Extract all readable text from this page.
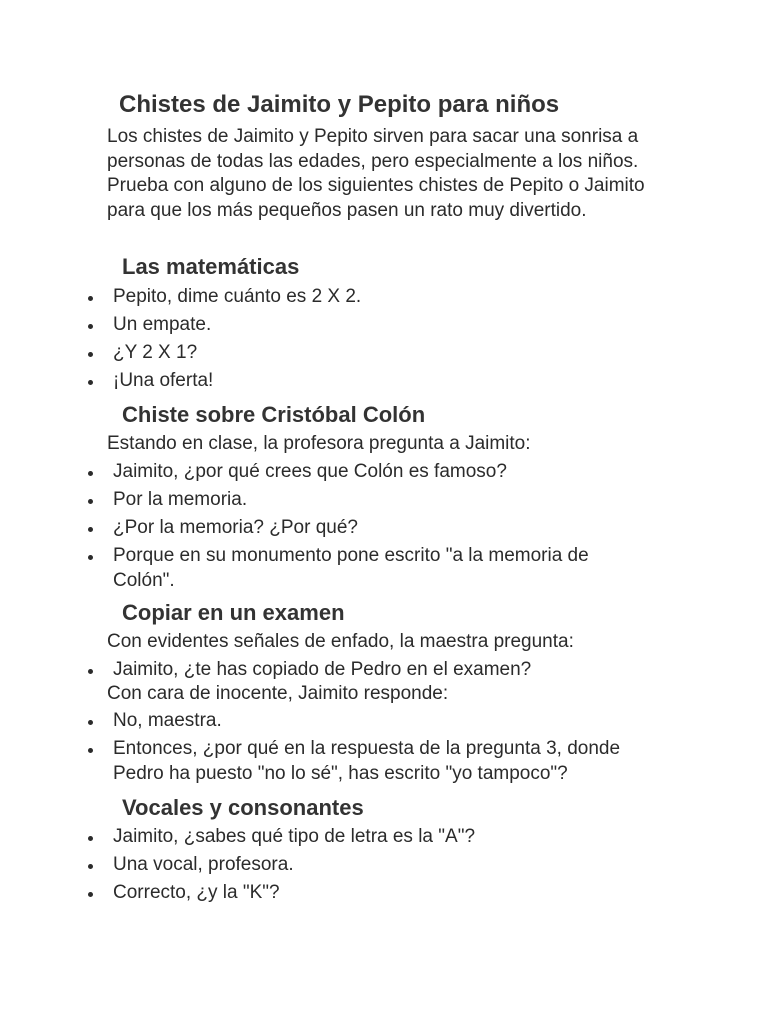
Chistes de Jaimito y Pepito para niños

Los chistes de Jaimito y Pepito sirven para sacar una sonrisa a personas de todas las edades, pero especialmente a los niños. Prueba con alguno de los siguientes chistes de Pepito o Jaimito para que los más pequeños pasen un rato muy divertido.

Las matemáticas
Pepito, dime cuánto es 2 X 2.
Un empate.
¿Y 2 X 1?
¡Una oferta!
Chiste sobre Cristóbal Colón

Estando en clase, la profesora pregunta a Jaimito:

Jaimito, ¿por qué crees que Colón es famoso?
Por la memoria.
¿Por la memoria? ¿Por qué?
Porque en su monumento pone escrito "a la memoria de Colón".
Copiar en un examen

Con evidentes señales de enfado, la maestra pregunta:

Jaimito, ¿te has copiado de Pedro en el examen?

Con cara de inocente, Jaimito responde:

No, maestra.
Entonces, ¿por qué en la respuesta de la pregunta 3, donde Pedro ha puesto "no lo sé", has escrito "yo tampoco"?
Vocales y consonantes
Jaimito, ¿sabes qué tipo de letra es la "A"?
Una vocal, profesora.
Correcto, ¿y la "K"?
